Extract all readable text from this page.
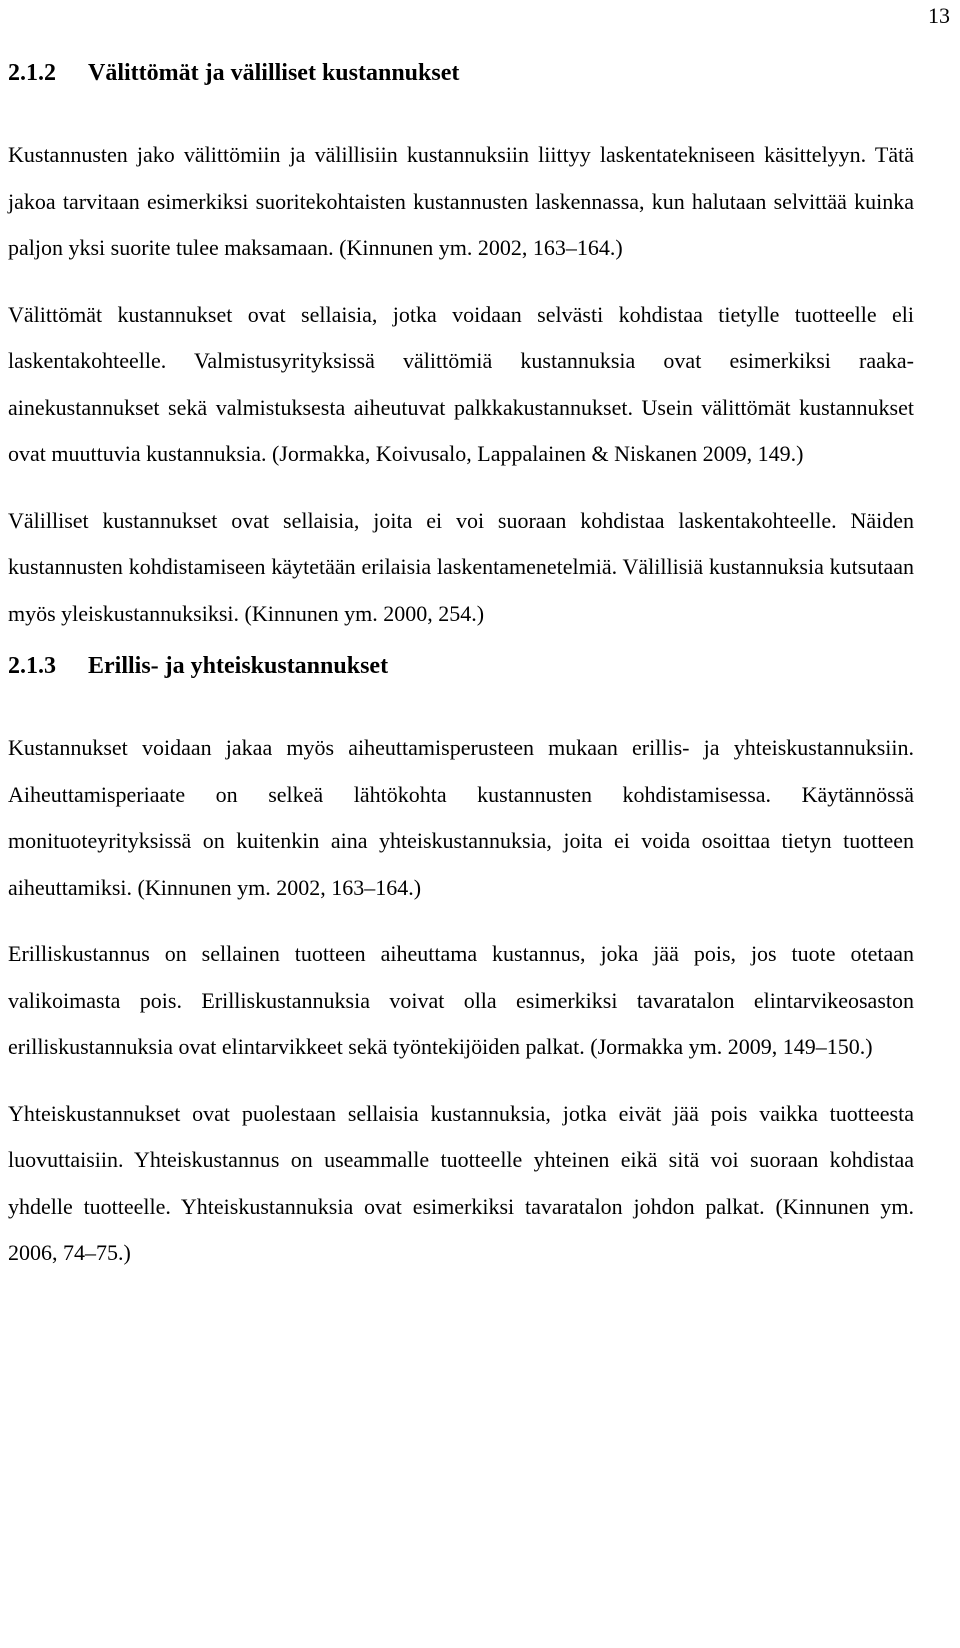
13
2.1.2	Välittömät ja välilliset kustannukset

Kustannusten jako välittömiin ja välillisiin kustannuksiin liittyy laskentatekniseen käsittelyyn. Tätä jakoa tarvitaan esimerkiksi suoritekohtaisten kustannusten laskennassa, kun halutaan selvittää kuinka paljon yksi suorite tulee maksamaan. (Kinnunen ym. 2002, 163–164.)

Välittömät kustannukset ovat sellaisia, jotka voidaan selvästi kohdistaa tietylle tuotteelle eli laskentakohteelle. Valmistusyrityksissä välittömiä kustannuksia ovat esimerkiksi raaka-ainekustannukset sekä valmistuksesta aiheutuvat palkkakustannukset. Usein välittömät kustannukset ovat muuttuvia kustannuksia. (Jormakka, Koivusalo, Lappalainen & Niskanen 2009, 149.)

Välilliset kustannukset ovat sellaisia, joita ei voi suoraan kohdistaa laskentakohteelle. Näiden kustannusten kohdistamiseen käytetään erilaisia laskentamenetelmiä. Välillisiä kustannuksia kutsutaan myös yleiskustannuksiksi. (Kinnunen ym. 2000, 254.)

2.1.3	Erillis- ja yhteiskustannukset

Kustannukset voidaan jakaa myös aiheuttamisperusteen mukaan erillis- ja yhteiskustannuksiin. Aiheuttamisperiaate on selkeä lähtökohta kustannusten kohdistamisessa. Käytännössä monituoteyrityksissä on kuitenkin aina yhteiskustannuksia, joita ei voida osoittaa tietyn tuotteen aiheuttamiksi. (Kinnunen ym. 2002, 163–164.)

Erilliskustannus on sellainen tuotteen aiheuttama kustannus, joka jää pois, jos tuote otetaan valikoimasta pois. Erilliskustannuksia voivat olla esimerkiksi tavaratalon elintarvikeosaston erilliskustannuksia ovat elintarvikkeet sekä työntekijöiden palkat. (Jormakka ym. 2009, 149–150.)

Yhteiskustannukset ovat puolestaan sellaisia kustannuksia, jotka eivät jää pois vaikka tuotteesta luovuttaisiin. Yhteiskustannus on useammalle tuotteelle yhteinen eikä sitä voi suoraan kohdistaa yhdelle tuotteelle. Yhteiskustannuksia ovat esimerkiksi tavaratalon johdon palkat. (Kinnunen ym. 2006, 74–75.)
